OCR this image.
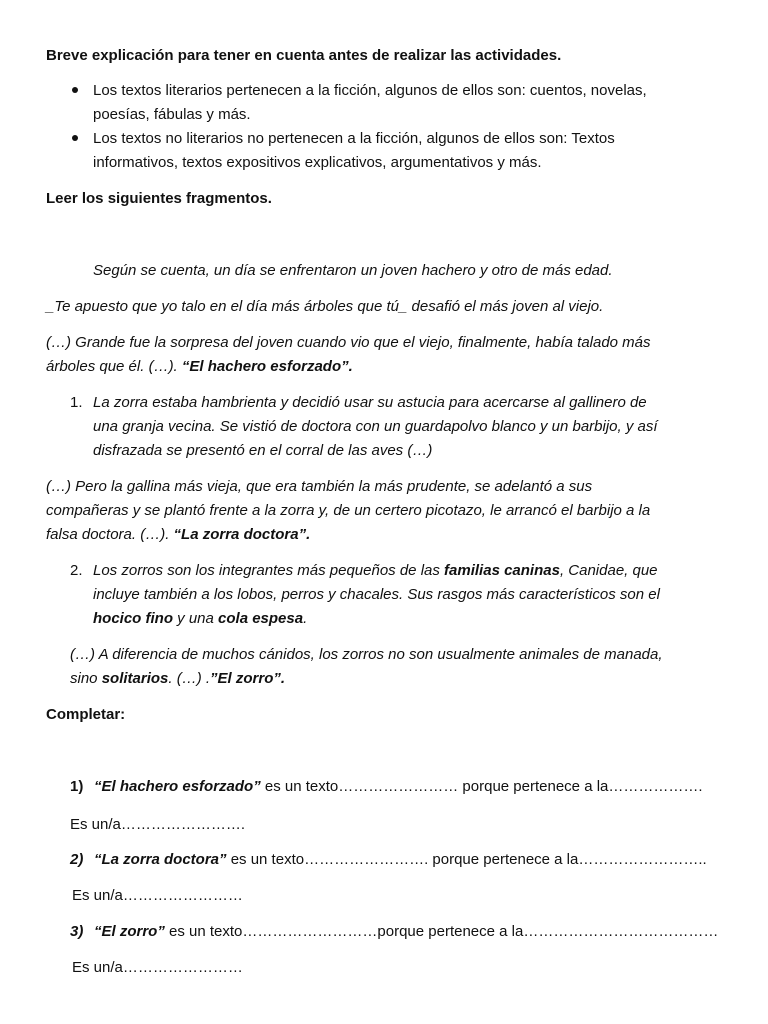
Breve explicación para tener en cuenta antes de realizar las actividades.

Los textos literarios pertenecen a la ficción, algunos de ellos son: cuentos, novelas,

poesías, fábulas y más.

Los textos no literarios no pertenecen a la ficción, algunos de ellos son: Textos

informativos, textos expositivos explicativos, argumentativos y más.

Leer los siguientes fragmentos.

Según se cuenta, un día se enfrentaron un joven hachero y otro de más edad.

_Te apuesto que yo talo en el día más árboles que tú_ desafió el más joven al viejo.

(…) Grande fue la sorpresa del joven cuando vio que el viejo, finalmente, había talado más

árboles que él. (…). “El hachero esforzado”.

1. La zorra estaba hambrienta y decidió usar su astucia para acercarse al gallinero de

una granja vecina. Se vistió de doctora con un guardapolvo blanco y un barbijo, y así

disfrazada se presentó en el corral de las aves (…)

(…) Pero la gallina más vieja, que era también la más prudente, se adelantó a sus

compañeras y se plantó frente a la zorra y, de un certero picotazo, le arrancó el barbijo a la

falsa doctora. (…). “La zorra doctora”.

2. Los zorros son los integrantes más pequeños de las familias caninas, Canidae, que

incluye también a los lobos, perros y chacales. Sus rasgos más característicos son el

hocico fino y una cola espesa.

(…) A diferencia de muchos cánidos, los zorros no son usualmente animales de manada,

sino solitarios. (…) .”El zorro”.

Completar:

1) “El hachero esforzado” es un texto…………………… porque pertenece a la……………….

Es un/a…………………….

2) “La zorra doctora” es un texto……………………. porque pertenece a la……………………..

Es un/a……………………

3) “El zorro” es un texto………………………porque pertenece a la…………………………………

Es un/a……………………
